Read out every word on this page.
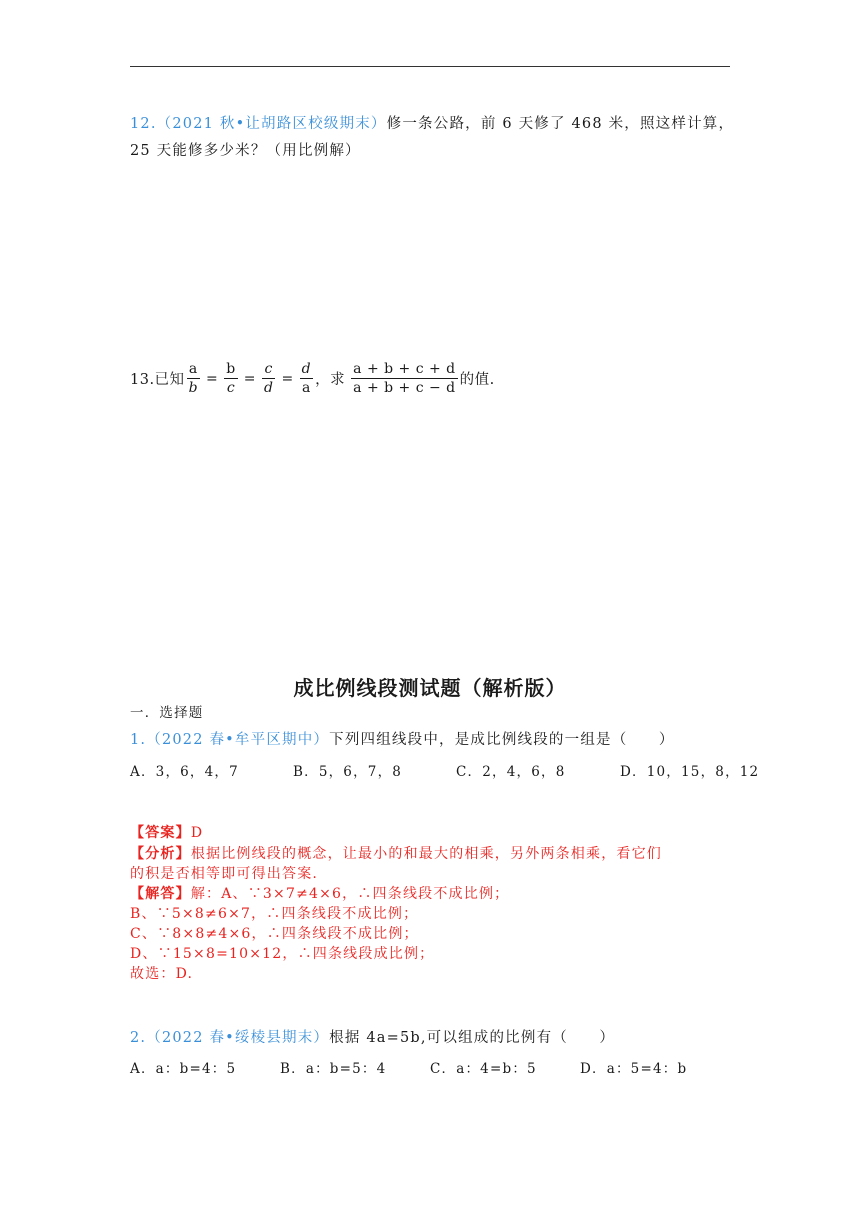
12.（2021 秋•让胡路区校级期末）修一条公路，前 6 天修了 468 米，照这样计算，
25 天能修多少米？（用比例解）
13.已知 $\frac{a}{b} = \frac{b}{c} = \frac{c}{d} = \frac{d}{a}$ ，求 $\frac{a + b + c + d}{a + b + c - d}$ 的值.
成比例线段测试题（解析版）
一．选择题
1.（2022 春•牟平区期中）下列四组线段中，是成比例线段的一组是（　　）
A．3，6，4，7	B．5，6，7，8	C．2，4，6，8	D．10，15，8，12
【答案】D
【分析】根据比例线段的概念，让最小的和最大的相乘，另外两条相乘，看它们
的积是否相等即可得出答案.
【解答】解：A、∵3×7≠4×6，∴四条线段不成比例；
B、∵5×8≠6×7，∴四条线段不成比例；
C、∵8×8≠4×6，∴四条线段不成比例；
D、∵15×8=10×12，∴四条线段成比例；
故选：D.
2.（2022 春•绥棱县期末）根据 4a=5b,可以组成的比例有（　　）
A．a：b=4：5	B．a：b=5：4	C．a：4=b：5	D．a：5=4：b
